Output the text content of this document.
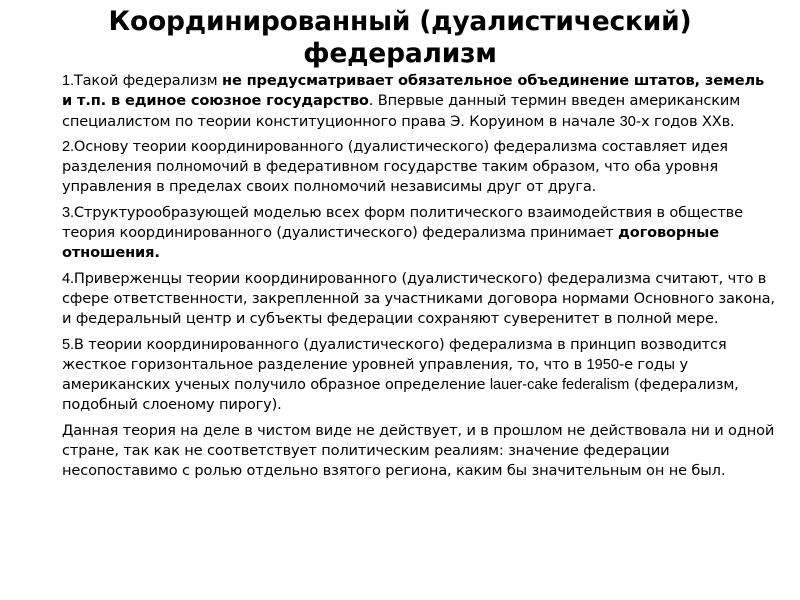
Координированный (дуалистический) федерализм

1.Такой федерализм не предусматривает обязательное объединение штатов, земель и т.п. в единое союзное государство. Впервые данный термин введен американским специалистом по теории конституционного права Э. Коруином в начале 30-х годов ХХв.

2.Основу теории координированного (дуалистического) федерализма составляет идея разделения полномочий в федеративном государстве таким образом, что оба уровня управления в пределах своих полномочий независимы друг от друга.

3.Структурообразующей моделью всех форм политического взаимодействия в обществе теория координированного (дуалистического) федерализма принимает договорные отношения.

4.Приверженцы теории координированного (дуалистического) федерализма считают, что в сфере ответственности, закрепленной за участниками договора нормами Основного закона, и федеральный центр и субъекты федерации сохраняют суверенитет в полной мере.

5.В теории координированного (дуалистического) федерализма в принцип возводится жесткое горизонтальное разделение уровней управления, то, что в 1950-е годы у американских ученых получило образное определение lauer-cake federalism (федерализм, подобный слоеному пирогу).

Данная теория на деле в чистом виде не действует, и в прошлом не действовала ни и одной стране, так как не соответствует политическим реалиям: значение федерации несопоставимо с ролью отдельно взятого региона, каким бы значительным он не был.
